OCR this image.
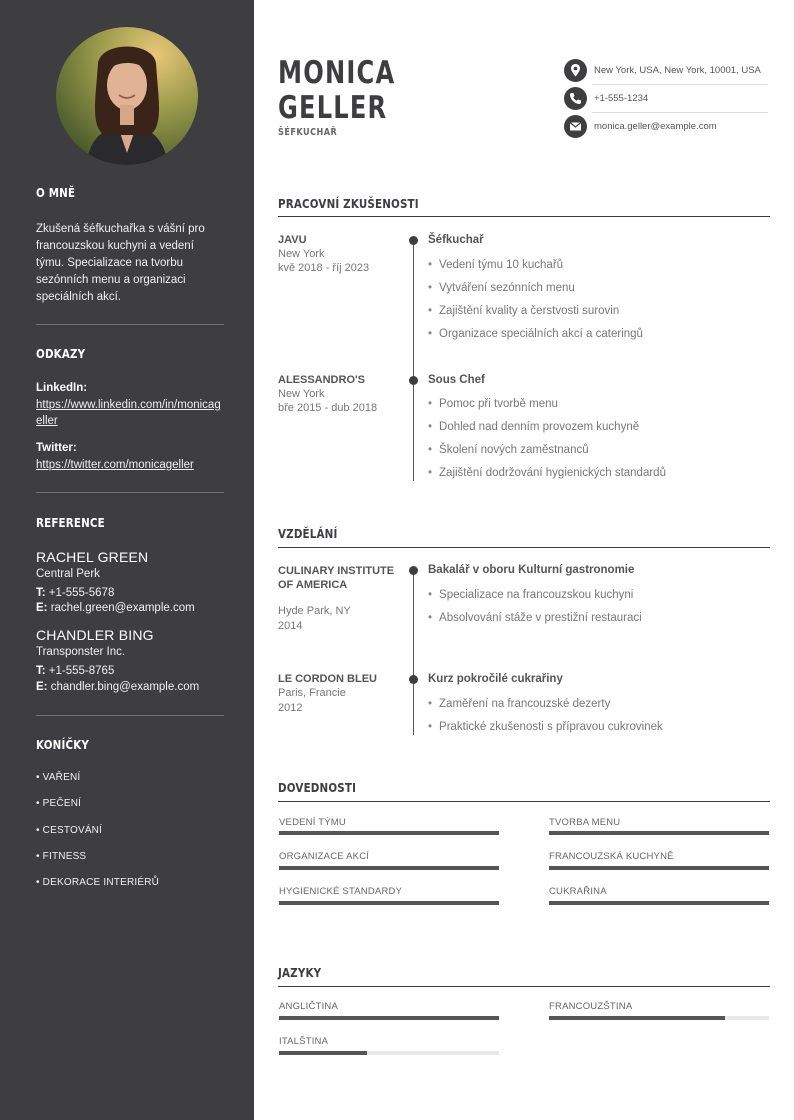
O MNĚ
Zkušená šéfkuchařka s vášní pro francouzskou kuchyni a vedení týmu. Specializace na tvorbu sezónních menu a organizaci speciálních akcí.
ODKAZY
LinkedIn:
https://www.linkedin.com/in/monicageller
Twitter:
https://twitter.com/monicageller
REFERENCE
RACHEL GREEN
Central Perk
T: +1-555-5678
E: rachel.green@example.com
CHANDLER BING
Transponster Inc.
T: +1-555-8765
E: chandler.bing@example.com
KONÍČKY
• VAŘENÍ
• PEČENÍ
• CESTOVÁNÍ
• FITNESS
• DEKORACE INTERIÉRŮ
MONICA
GELLER
ŠÉFKUCHAŘ
New York, USA, New York, 10001, USA
+1-555-1234
monica.geller@example.com
PRACOVNÍ ZKUŠENOSTI
JAVU
New York
kvě 2018 - říj 2023
Šéfkuchař
• Vedení týmu 10 kuchařů
• Vytváření sezónních menu
• Zajištění kvality a čerstvosti surovin
• Organizace speciálních akcí a cateringů
ALESSANDRO'S
New York
bře 2015 - dub 2018
Sous Chef
• Pomoc při tvorbě menu
• Dohled nad denním provozem kuchyně
• Školení nových zaměstnanců
• Zajištění dodržování hygienických standardů
VZDĚLÁNÍ
CULINARY INSTITUTE OF AMERICA
Hyde Park, NY
2014
Bakalář v oboru Kulturní gastronomie
• Specializace na francouzskou kuchyni
• Absolvování stáže v prestižní restauraci
LE CORDON BLEU
Paris, Francie
2012
Kurz pokročilé cukrařiny
• Zaměření na francouzské dezerty
• Praktické zkušenosti s přípravou cukrovinek
DOVEDNOSTI
VEDENÍ TÝMU	TVORBA MENU
ORGANIZACE AKCÍ	FRANCOUZSKÁ KUCHYNĚ
HYGIENICKÉ STANDARDY	CUKRAŘINA
JAZYKY
ANGLIČTINA	FRANCOUZŠTINA
ITALŠTINA
